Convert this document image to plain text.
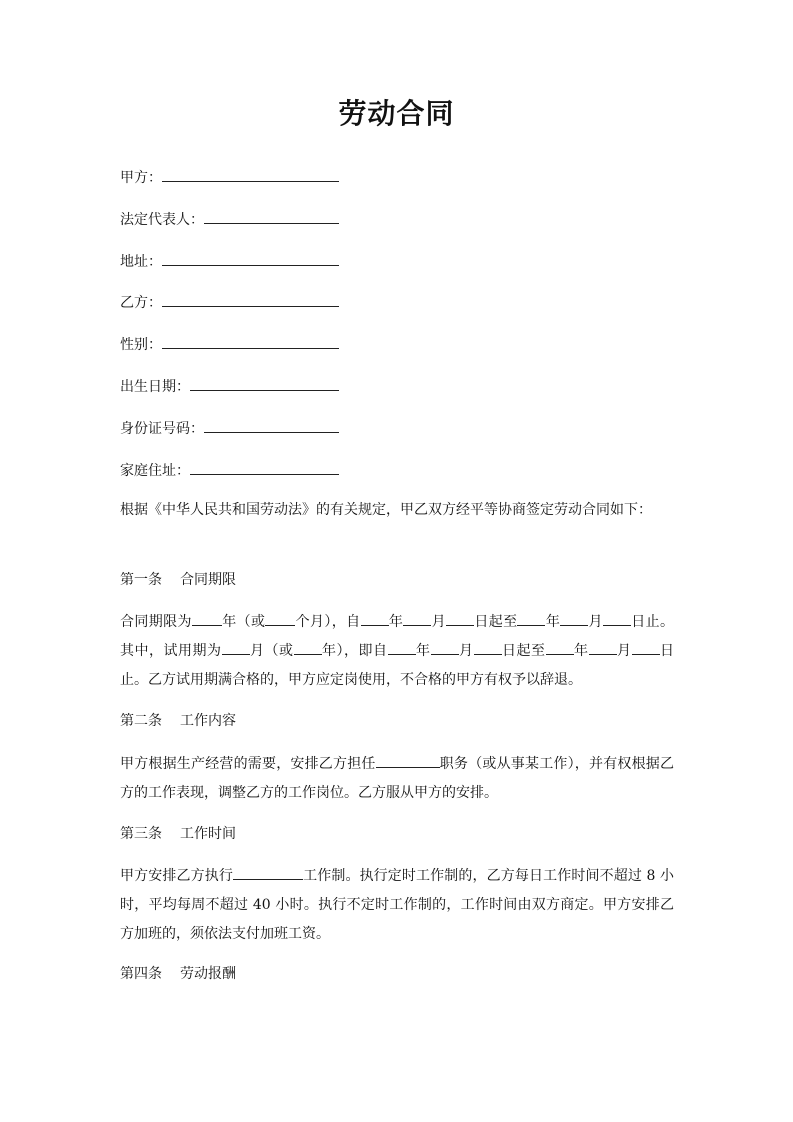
劳动合同
甲方：
法定代表人：
地址：
乙方：
性别：
出生日期：
身份证号码：
家庭住址：
根据《中华人民共和国劳动法》的有关规定，甲乙双方经平等协商签定劳动合同如下：
第一条 合同期限
合同期限为 年（或 个月），自 年 月 日起至 年 月 日止。其中，试用期为 月（或 年），即自 年 月 日起至 年 月 日止。乙方试用期满合格的，甲方应定岗使用，不合格的甲方有权予以辞退。
第二条 工作内容
甲方根据生产经营的需要，安排乙方担任	职务（或从事某工作），并有权根据乙方的工作表现，调整乙方的工作岗位。乙方服从甲方的安排。
第三条 工作时间
甲方安排乙方执行	工作制。执行定时工作制的，乙方每日工作时间不超过 8 小时，平均每周不超过 40 小时。执行不定时工作制的，工作时间由双方商定。甲方安排乙方加班的，须依法支付加班工资。
第四条 劳动报酬
